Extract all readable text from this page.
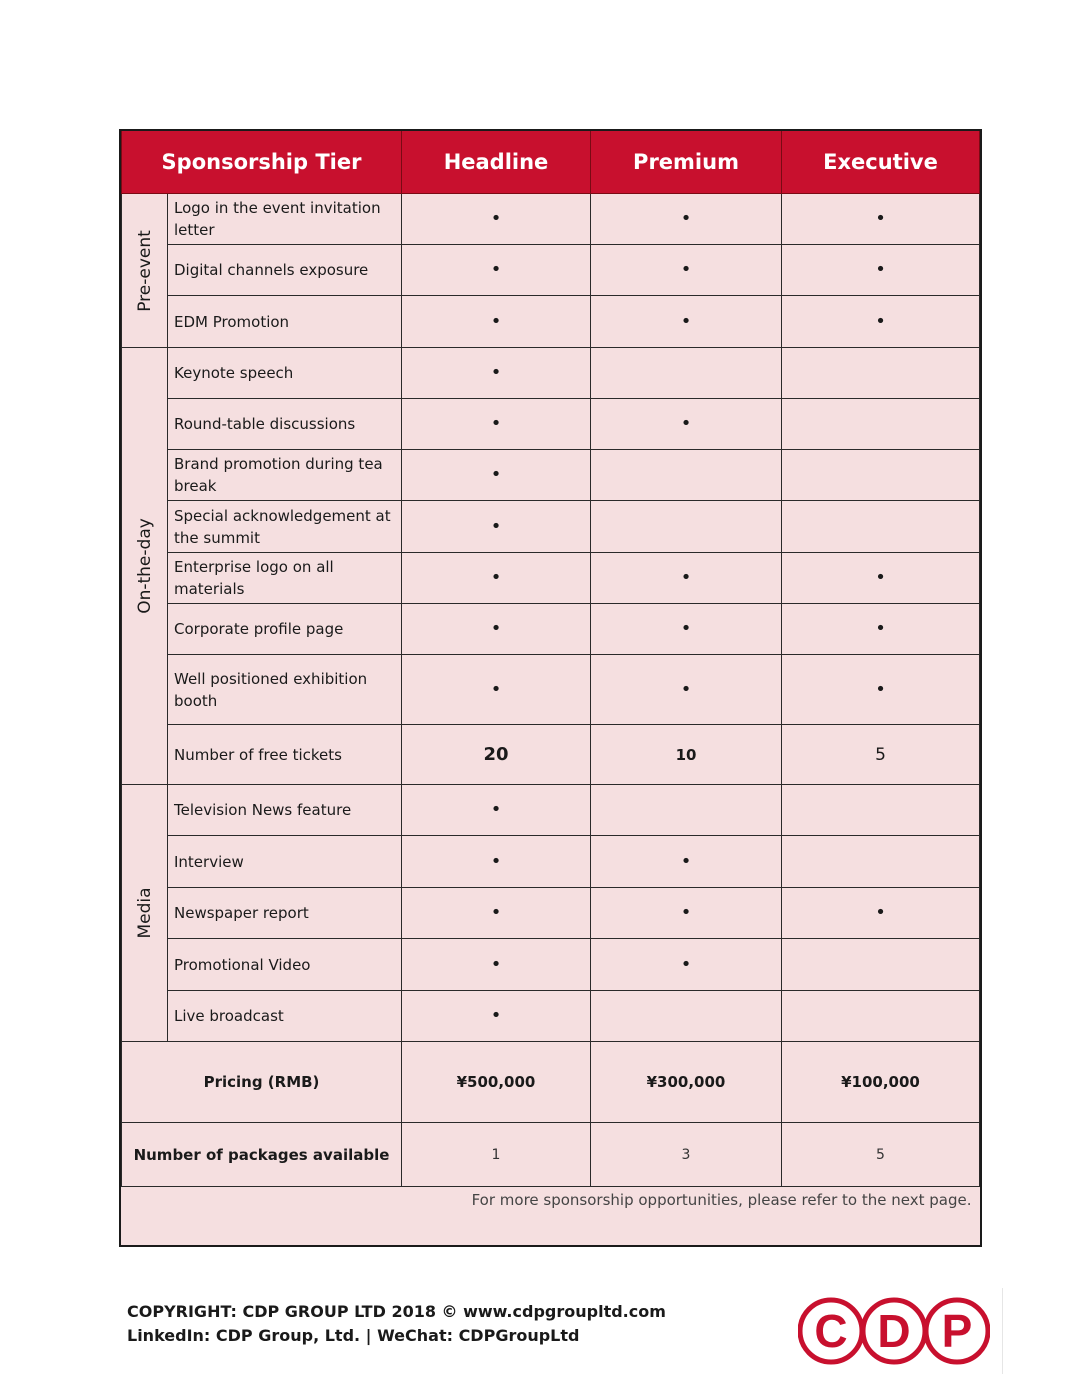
Sponsorship Tier		Headline	Premium	Executive

Pre-event	Logo in the event invitation letter	•	•	•
	Digital channels exposure	•	•	•
	EDM Promotion	•	•	•

On-the-day	Keynote speech	•		
	Round-table discussions	•	•	
	Brand promotion during tea break	•		
	Special acknowledgement at the summit	•		
	Enterprise logo on all materials	•	•	•
	Corporate profile page	•	•	•
	Well positioned exhibition booth	•	•	•
	Number of free tickets	20	10	5

Media	Television News feature	•		
	Interview	•	•	
	Newspaper report	•	•	•
	Promotional Video	•	•	
	Live broadcast	•		
Pricing (RMB)		¥500,000	¥300,000	¥100,000
Number of packages available		1	3	5

For more sponsorship opportunities, please refer to the next page.				
COPYRIGHT: CDP GROUP LTD 2018 © www.cdpgroupltd.com
LinkedIn: CDP Group, Ltd. | WeChat: CDPGroupLtd	C D P
